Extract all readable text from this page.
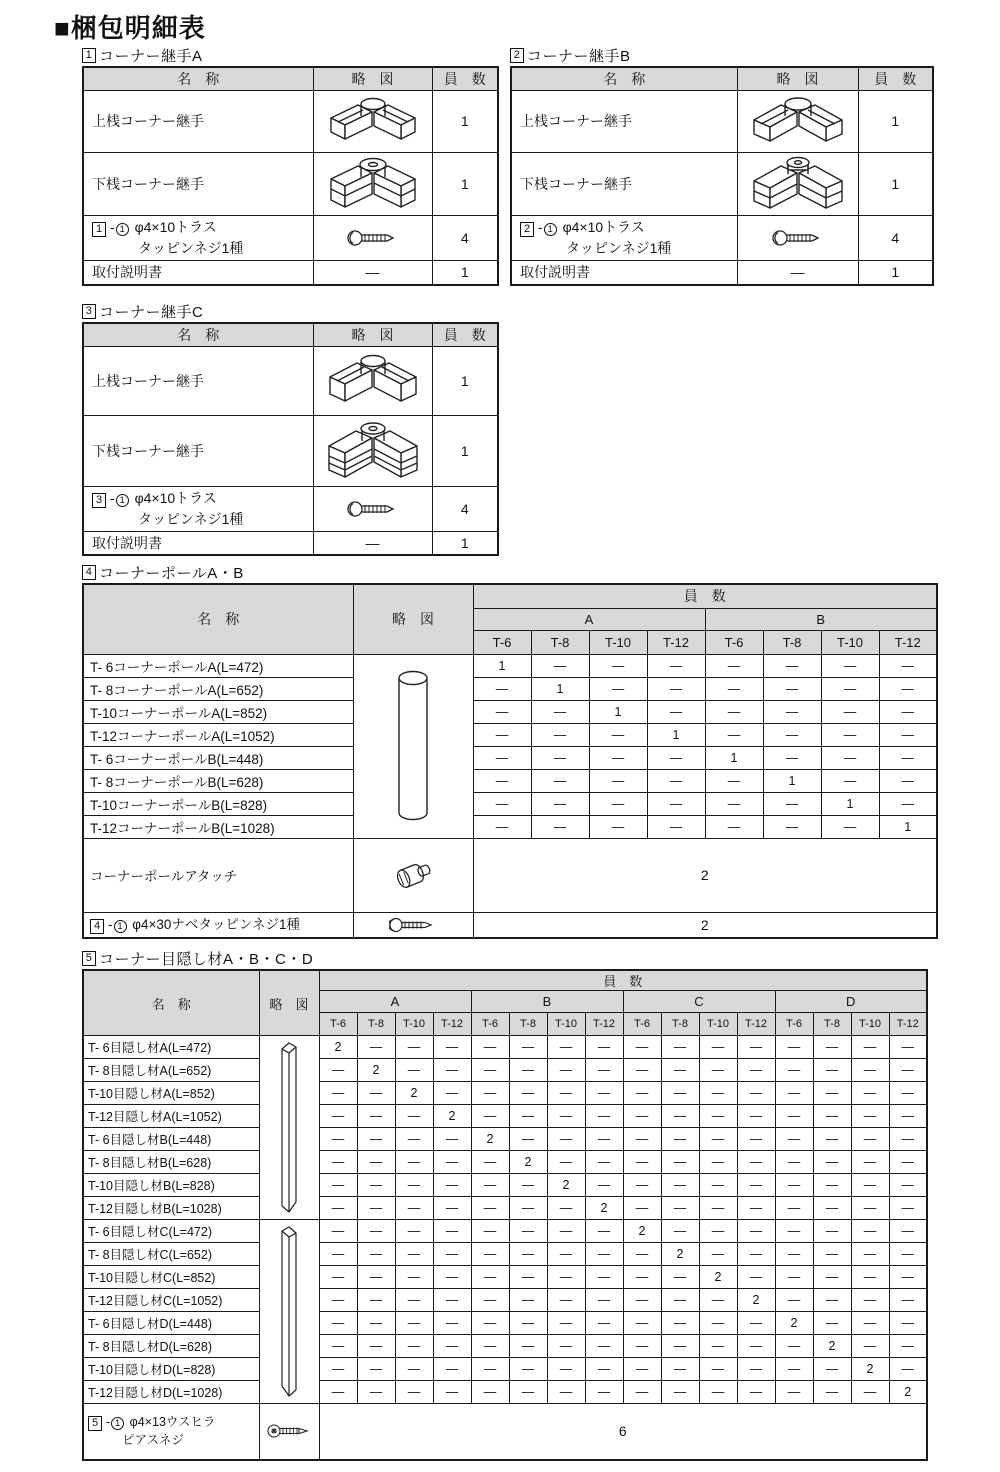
■梱包明細表
1 コーナー継手A
名　称	略　図	員　数
上桟コーナー継手		1
下桟コーナー継手		1
1 - 1 φ4×10トラス
タッピンネジ1種		4
取付説明書	—	1
2 コーナー継手B
名　称	略　図	員　数
上桟コーナー継手		1
下桟コーナー継手		1
2 - 1 φ4×10トラス
タッピンネジ1種		4
取付説明書	—	1
3 コーナー継手C
名　称	略　図	員　数
上桟コーナー継手		1
下桟コーナー継手		1
3 - 1 φ4×10トラス
タッピンネジ1種		4
取付説明書	—	1
4 コーナーポールA・B
名　称	略　図	員　数							
		A				B			
		T-6	T-8	T-10	T-12	T-6	T-8	T-10	T-12
T- 6コーナーポールA(L=472)		1	—	—	—	—	—	—	—
T- 8コーナーポールA(L=652)		—	1	—	—	—	—	—	—
T-10コーナーポールA(L=852)		—	—	1	—	—	—	—	—
T-12コーナーポールA(L=1052)		—	—	—	1	—	—	—	—
T- 6コーナーポールB(L=448)		—	—	—	—	1	—	—	—
T- 8コーナーポールB(L=628)		—	—	—	—	—	1	—	—
T-10コーナーポールB(L=828)		—	—	—	—	—	—	1	—
T-12コーナーポールB(L=1028)		—	—	—	—	—	—	—	1
コーナーポールアタッチ		2							
4 - 1 φ4×30ナベタッピンネジ1種		2							
5 コーナー目隠し材A・B・C・D
名　称	略　図	員　数															
		A				B				C				D			
		T-6	T-8	T-10	T-12	T-6	T-8	T-10	T-12	T-6	T-8	T-10	T-12	T-6	T-8	T-10	T-12
T- 6目隠し材A(L=472)		2	—	—	—	—	—	—	—	—	—	—	—	—	—	—	—
T- 8目隠し材A(L=652)		—	2	—	—	—	—	—	—	—	—	—	—	—	—	—	—
T-10目隠し材A(L=852)		—	—	2	—	—	—	—	—	—	—	—	—	—	—	—	—
T-12目隠し材A(L=1052)		—	—	—	2	—	—	—	—	—	—	—	—	—	—	—	—
T- 6目隠し材B(L=448)		—	—	—	—	2	—	—	—	—	—	—	—	—	—	—	—
T- 8目隠し材B(L=628)		—	—	—	—	—	2	—	—	—	—	—	—	—	—	—	—
T-10目隠し材B(L=828)		—	—	—	—	—	—	2	—	—	—	—	—	—	—	—	—
T-12目隠し材B(L=1028)		—	—	—	—	—	—	—	2	—	—	—	—	—	—	—	—
T- 6目隠し材C(L=472)		—	—	—	—	—	—	—	—	2	—	—	—	—	—	—	—
T- 8目隠し材C(L=652)		—	—	—	—	—	—	—	—	—	2	—	—	—	—	—	—
T-10目隠し材C(L=852)		—	—	—	—	—	—	—	—	—	—	2	—	—	—	—	—
T-12目隠し材C(L=1052)		—	—	—	—	—	—	—	—	—	—	—	2	—	—	—	—
T- 6目隠し材D(L=448)		—	—	—	—	—	—	—	—	—	—	—	—	2	—	—	—
T- 8目隠し材D(L=628)		—	—	—	—	—	—	—	—	—	—	—	—	—	2	—	—
T-10目隠し材D(L=828)		—	—	—	—	—	—	—	—	—	—	—	—	—	—	2	—
T-12目隠し材D(L=1028)		—	—	—	—	—	—	—	—	—	—	—	—	—	—	—	2
5 - 1 φ4×13ウスヒラ
ピアスネジ		6															
